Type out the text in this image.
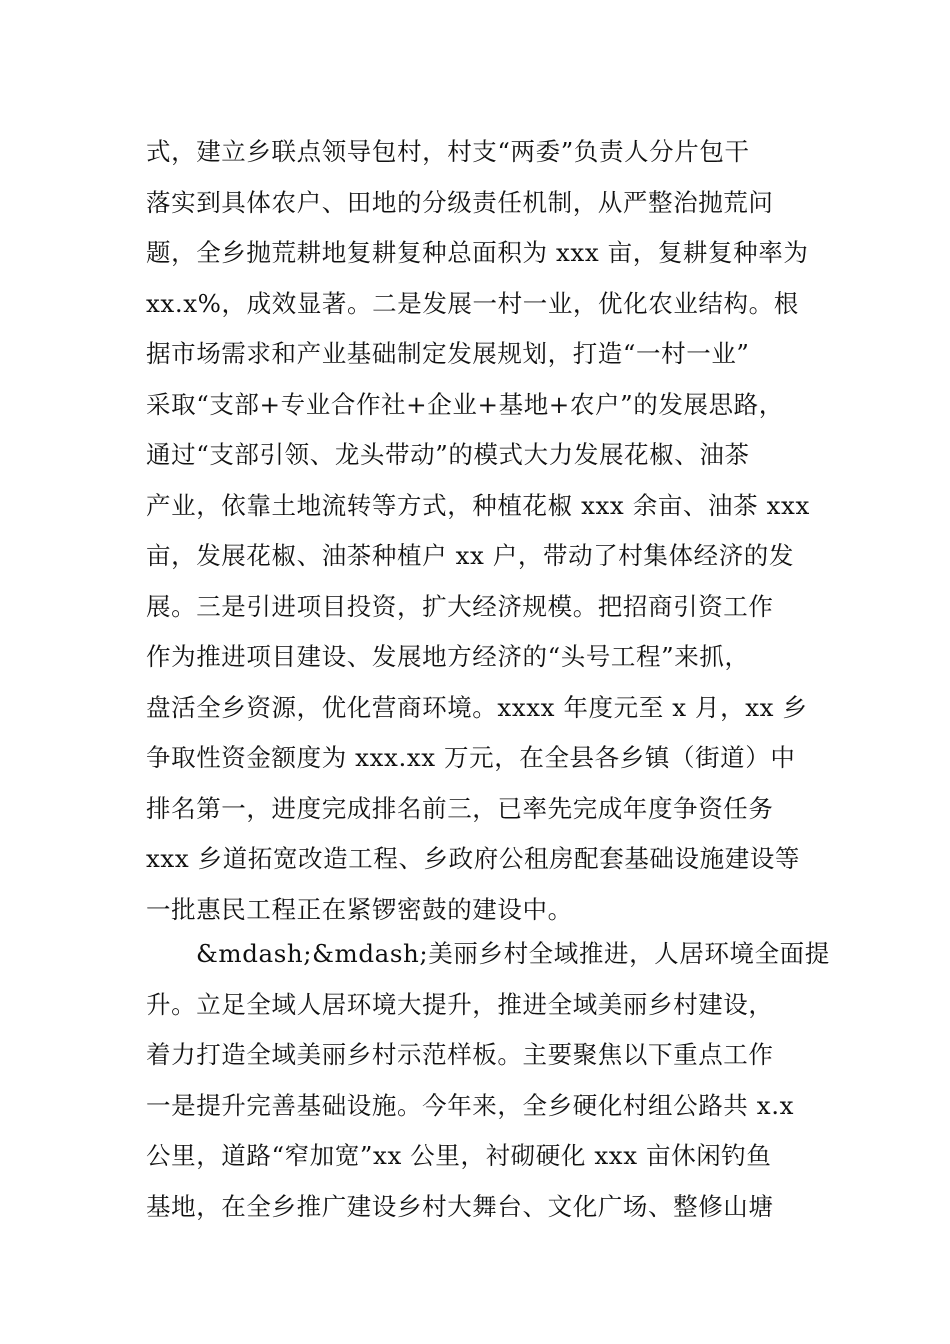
式，建立乡联点领导包村，村支“两委”负责人分片包干
落实到具体农户、田地的分级责任机制，从严整治抛荒问
题，全乡抛荒耕地复耕复种总面积为 xxx 亩，复耕复种率为
xx.x%，成效显著。二是发展一村一业，优化农业结构。根
据市场需求和产业基础制定发展规划，打造“一村一业”
采取“支部+专业合作社+企业+基地+农户”的发展思路，
通过“支部引领、龙头带动”的模式大力发展花椒、油茶
产业，依靠土地流转等方式，种植花椒 xxx 余亩、油茶 xxx
亩，发展花椒、油茶种植户 xx 户，带动了村集体经济的发
展。三是引进项目投资，扩大经济规模。把招商引资工作
作为推进项目建设、发展地方经济的“头号工程”来抓，
盘活全乡资源，优化营商环境。xxxx 年度元至 x 月，xx 乡
争取性资金额度为 xxx.xx 万元，在全县各乡镇（街道）中
排名第一，进度完成排名前三，已率先完成年度争资任务
xxx 乡道拓宽改造工程、乡政府公租房配套基础设施建设等
一批惠民工程正在紧锣密鼓的建设中。
&mdash;&mdash;美丽乡村全域推进，人居环境全面提
升。立足全域人居环境大提升，推进全域美丽乡村建设，
着力打造全域美丽乡村示范样板。主要聚焦以下重点工作
一是提升完善基础设施。今年来，全乡硬化村组公路共 x.x
公里，道路“窄加宽”xx 公里，衬砌硬化 xxx 亩休闲钓鱼
基地，在全乡推广建设乡村大舞台、文化广场、整修山塘
